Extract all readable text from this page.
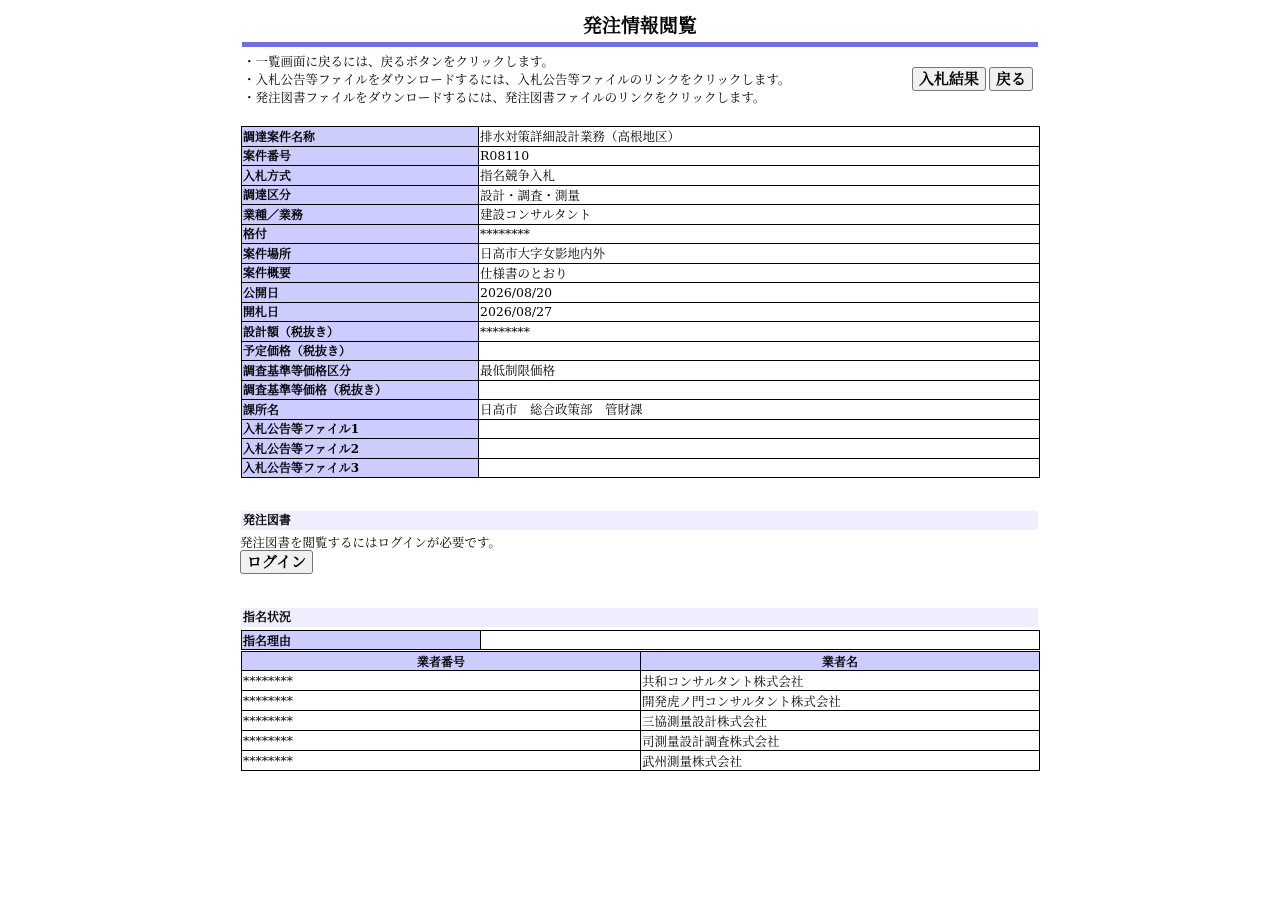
発注情報閲覧
・一覧画面に戻るには、戻るボタンをクリックします。
・入札公告等ファイルをダウンロードするには、入札公告等ファイルのリンクをクリックします。
・発注図書ファイルをダウンロードするには、発注図書ファイルのリンクをクリックします。
入札結果 戻る
調達案件名称	排水対策詳細設計業務（高根地区）
案件番号	R08110
入札方式	指名競争入札
調達区分	設計・調査・測量
業種／業務	建設コンサルタント
格付	********
案件場所	日高市大字女影地内外
案件概要	仕様書のとおり
公開日	2026/08/20
開札日	2026/08/27
設計額（税抜き）	********
予定価格（税抜き）	
調査基準等価格区分	最低制限価格
調査基準等価格（税抜き）	
課所名	日高市　総合政策部　管財課
入札公告等ファイル1	
入札公告等ファイル2	
入札公告等ファイル3	
発注図書
発注図書を閲覧するにはログインが必要です。
ログイン
指名状況
指名理由	
業者番号	業者名
********	共和コンサルタント株式会社
********	開発虎ノ門コンサルタント株式会社
********	三協測量設計株式会社
********	司測量設計調査株式会社
********	武州測量株式会社
